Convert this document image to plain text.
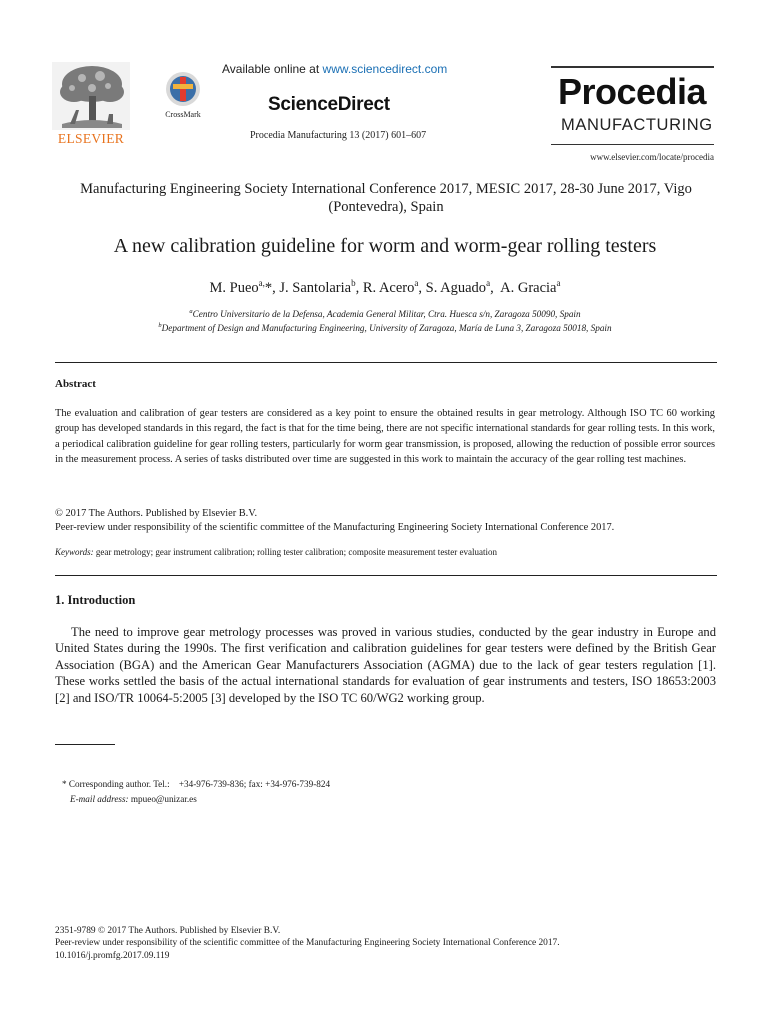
ELSEVIER
CrossMark
Available online at www.sciencedirect.com
ScienceDirect
Procedia Manufacturing 13 (2017) 601–607
Procedia
MANUFACTURING
www.elsevier.com/locate/procedia
Manufacturing Engineering Society International Conference 2017, MESIC 2017, 28-30 June 2017, Vigo (Pontevedra), Spain
A new calibration guideline for worm and worm-gear rolling testers
M. Pueo$^{a,}$*, J. Santolaria$^b$, R. Acero$^a$, S. Aguado$^a$,  A. Gracia$^a$
$^a$Centro Universitario de la Defensa, Academia General Militar, Ctra. Huesca s/n, Zaragoza 50090, Spain
$^b$Department of Design and Manufacturing Engineering, University of Zaragoza, María de Luna 3, Zaragoza 50018, Spain
Abstract
The evaluation and calibration of gear testers are considered as a key point to ensure the obtained results in gear metrology. Although ISO TC 60 working group has developed standards in this regard, the fact is that for the time being, there are not specific international standards for gear rolling tests. In this work, a periodical calibration guideline for gear rolling testers, particularly for worm gear transmission, is proposed, allowing the reduction of possible error sources in the measurement process. A series of tasks distributed over time are suggested in this work to maintain the accuracy of the gear rolling test machines.
© 2017 The Authors. Published by Elsevier B.V.
Peer-review under responsibility of the scientific committee of the Manufacturing Engineering Society International Conference 2017.
Keywords: gear metrology; gear instrument calibration; rolling tester calibration; composite measurement tester evaluation
1. Introduction
The need to improve gear metrology processes was proved in various studies, conducted by the gear industry in Europe and United States during the 1990s. The first verification and calibration guidelines for gear testers were defined by the British Gear Association (BGA) and the American Gear Manufacturers Association (AGMA) due to the lack of gear testers regulation [1]. These works settled the basis of the actual international standards for evaluation of gear instruments and testers, ISO 18653:2003 [2] and ISO/TR 10064-5:2005 [3] developed by the ISO TC 60/WG2 working group.
* Corresponding author. Tel.:    +34-976-739-836; fax: +34-976-739-824
E-mail address: mpueo@unizar.es
2351-9789 © 2017 The Authors. Published by Elsevier B.V.
Peer-review under responsibility of the scientific committee of the Manufacturing Engineering Society International Conference 2017.
10.1016/j.promfg.2017.09.119
